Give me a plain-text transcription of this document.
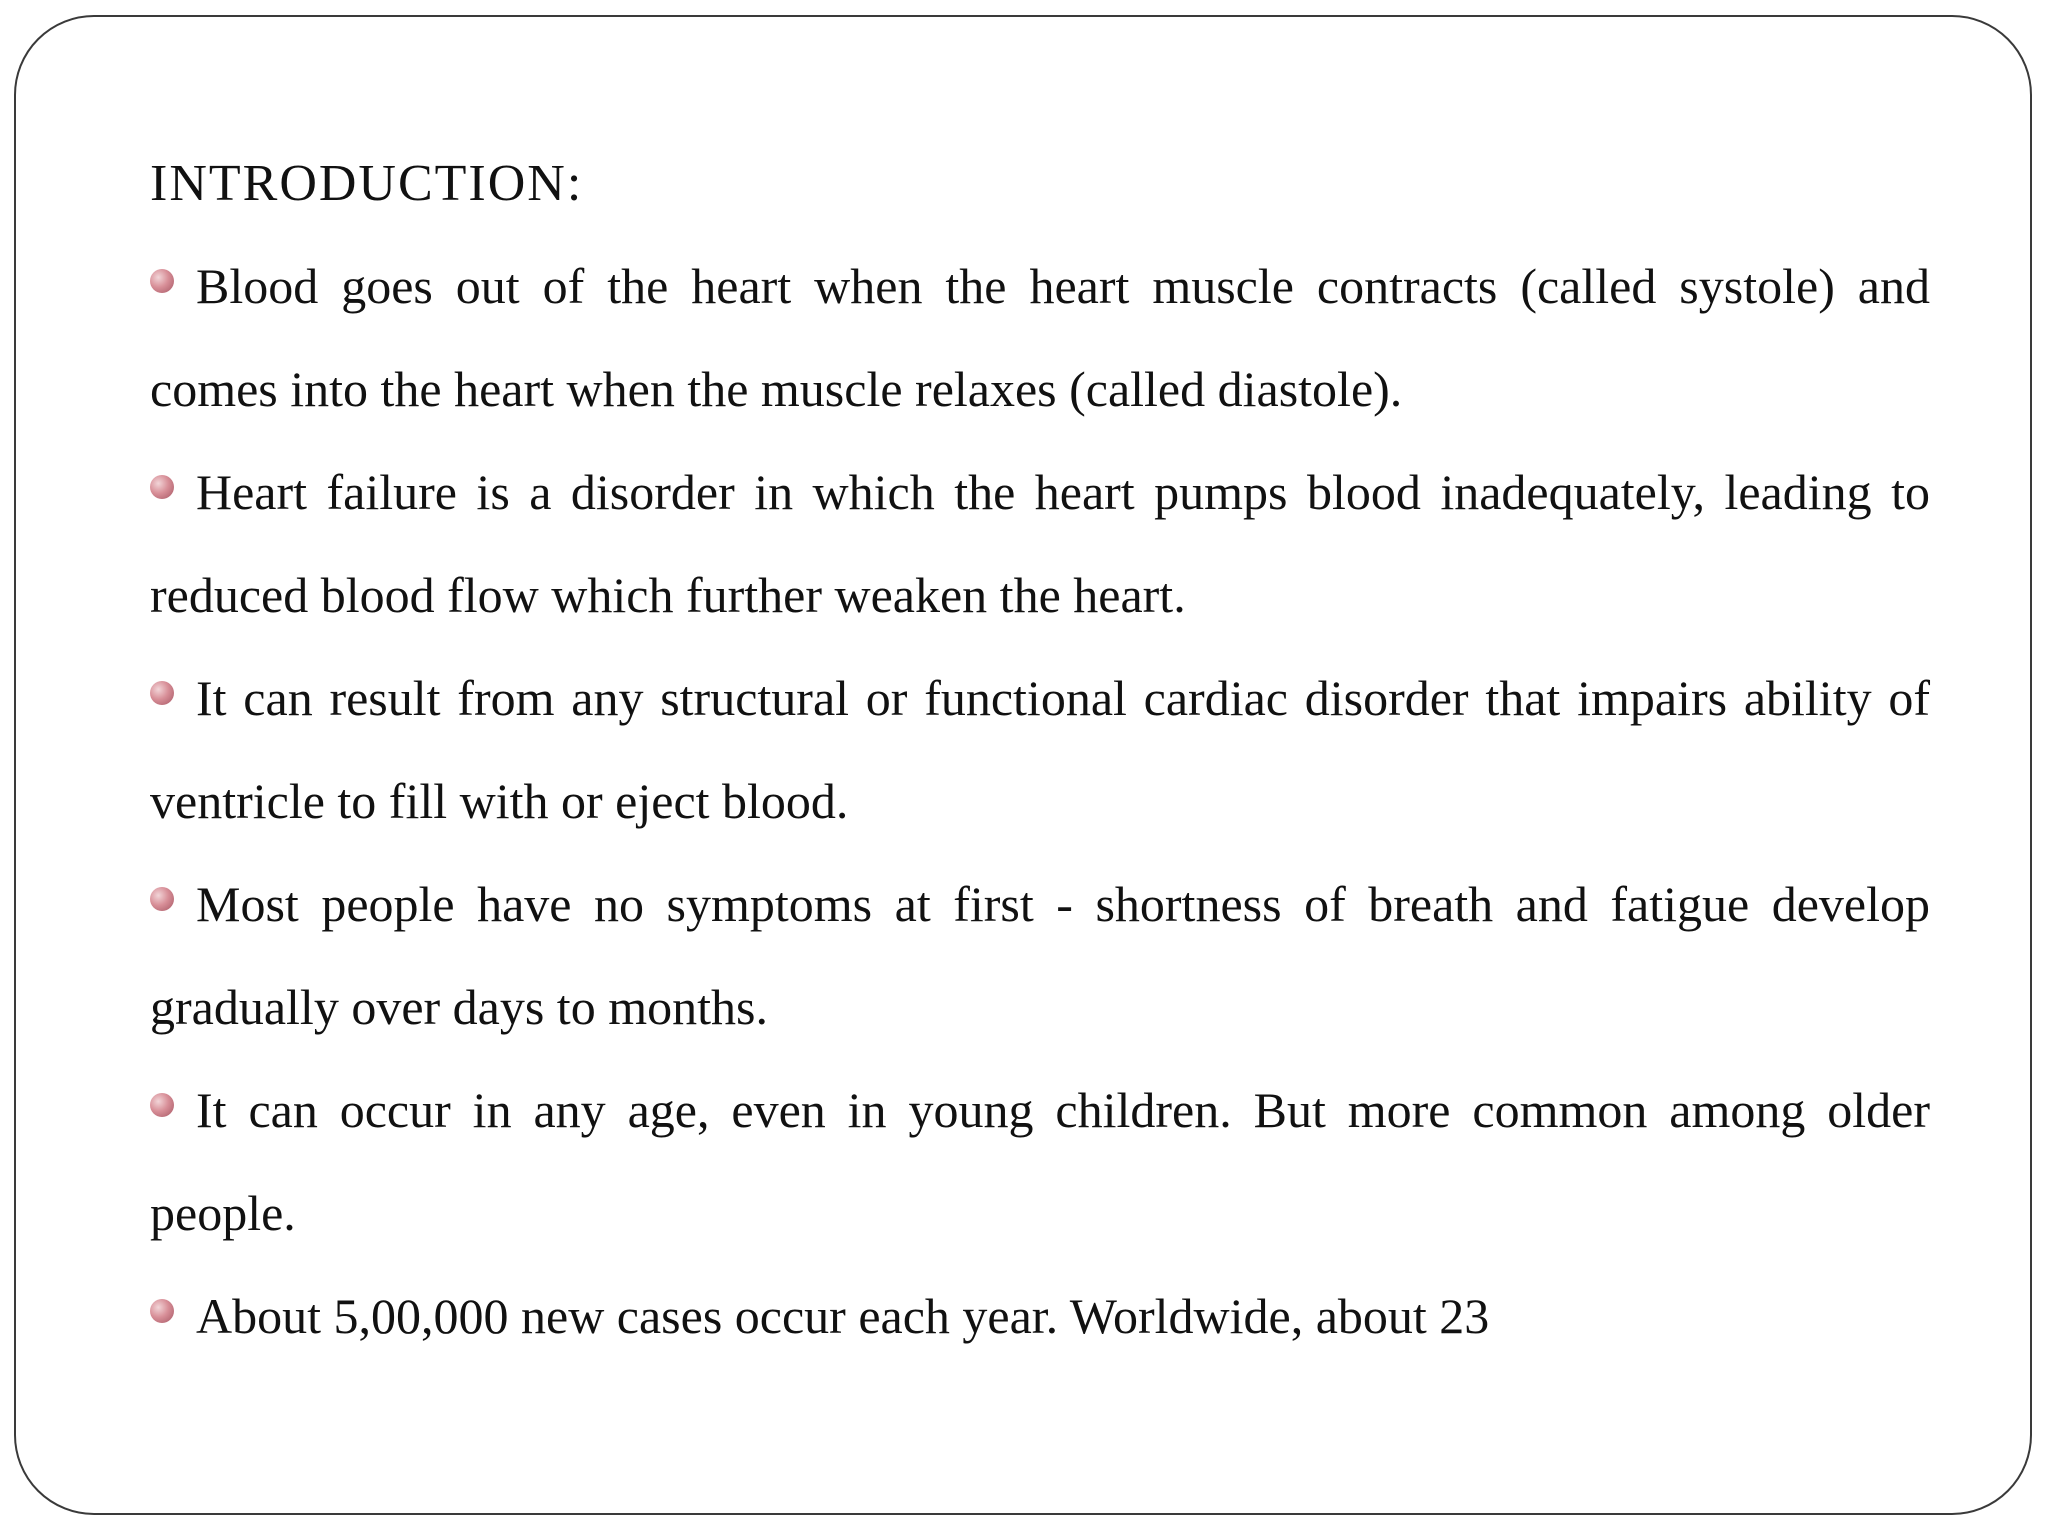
INTRODUCTION:

Blood goes out of the heart when the heart muscle contracts (called systole) and comes into the heart when the muscle relaxes (called diastole).

Heart failure is a disorder in which the heart pumps blood inadequately, leading to reduced blood flow which further weaken the heart.

It can result from any structural or functional cardiac disorder that impairs ability of ventricle to fill with or eject blood.

Most people have no symptoms at first - shortness of breath and fatigue develop gradually over days to months.

It can occur in any age, even in young children. But more common among older people.

About 5,00,000 new cases occur each year. Worldwide, about 23
